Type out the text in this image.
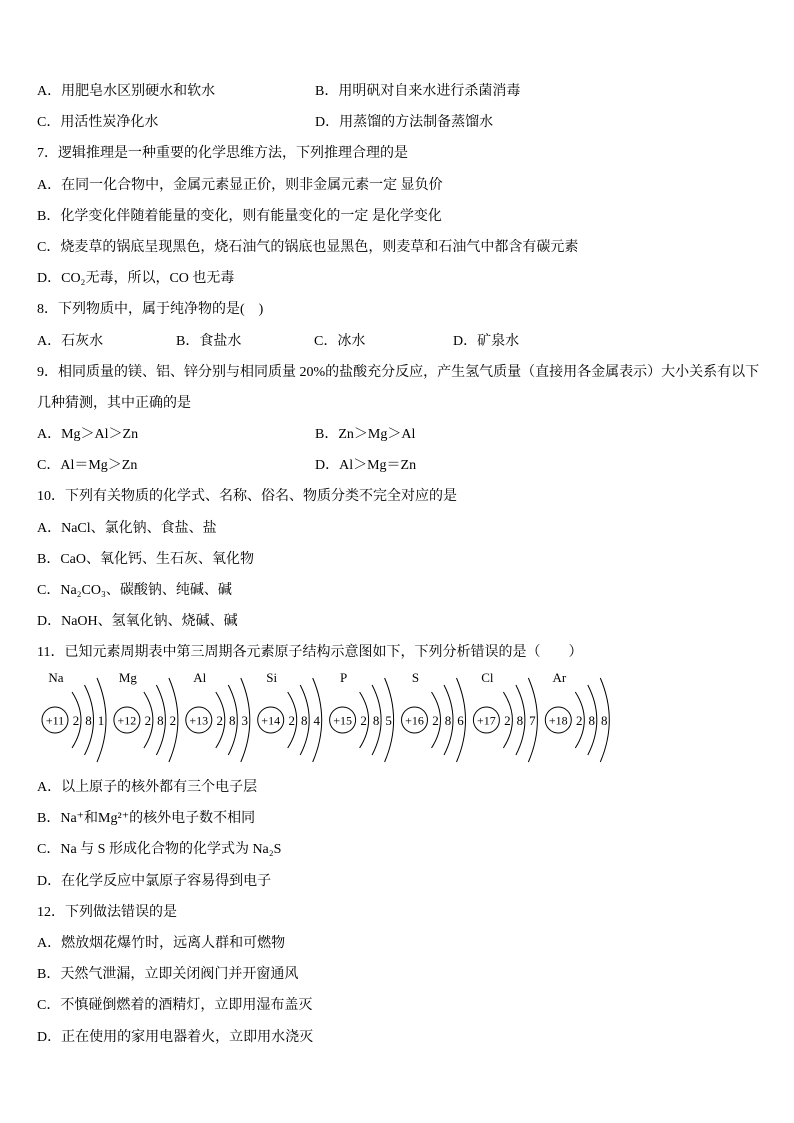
A．用肥皂水区别硬水和软水	B．用明矾对自来水进行杀菌消毒
C．用活性炭净化水	D．用蒸馏的方法制备蒸馏水
7．逻辑推理是一种重要的化学思维方法，下列推理合理的是
A．在同一化合物中，金属元素显正价，则非金属元素一定 显负价
B．化学变化伴随着能量的变化，则有能量变化的一定 是化学变化
C．烧麦草的锅底呈现黑色，烧石油气的锅底也显黑色，则麦草和石油气中都含有碳元素
D．CO₂无毒，所以，CO 也无毒
8．下列物质中，属于纯净物的是(　)
A．石灰水	B．食盐水	C．冰水	D．矿泉水
9．相同质量的镁、铝、锌分别与相同质量 20%的盐酸充分反应，产生氢气质量（直接用各金属表示）大小关系有以下
几种猜测，其中正确的是
A．Mg＞Al＞Zn	B．Zn＞Mg＞Al
C．Al＝Mg＞Zn	D．Al＞Mg＝Zn
10．下列有关物质的化学式、名称、俗名、物质分类不完全对应的是
A．NaCl、氯化钠、食盐、盐
B．CaO、氧化钙、生石灰、氧化物
C．Na₂CO₃、碳酸钠、纯碱、碱
D．NaOH、氢氧化钠、烧碱、碱
11．已知元素周期表中第三周期各元素原子结构示意图如下，下列分析错误的是（　　）
Na
+11 2 8 1
Mg
+12 2 8 2
Al
+13 2 8 3
Si
+14 2 8 4
P
+15 2 8 5
S
+16 2 8 6
Cl
+17 2 8 7
Ar
+18 2 8 8
A．以上原子的核外都有三个电子层
B．Na⁺和Mg²⁺的核外电子数不相同
C．Na 与 S 形成化合物的化学式为 Na₂S
D．在化学反应中氯原子容易得到电子
12．下列做法错误的是
A．燃放烟花爆竹时，远离人群和可燃物
B．天然气泄漏，立即关闭阀门并开窗通风
C．不慎碰倒燃着的酒精灯，立即用湿布盖灭
D．正在使用的家用电器着火，立即用水浇灭
